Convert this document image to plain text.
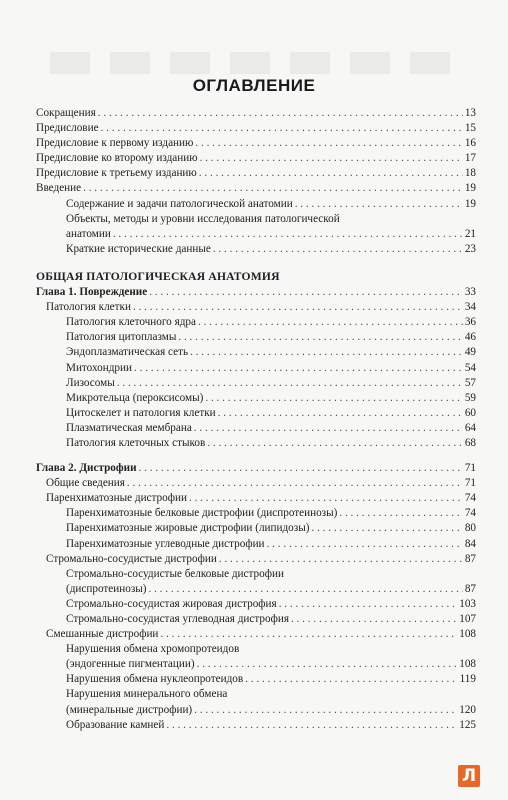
ОГЛАВЛЕНИЕ
Сокращения . . .	13
Предисловие . . .	15
Предисловие к первому изданию . . .	16
Предисловие ко второму изданию . . .	17
Предисловие к третьему изданию . . .	18
Введение . . .	19
Содержание и задачи патологической анатомии . . .	19
Объекты, методы и уровни исследования патологической
анатомии . . .	21
Краткие исторические данные . . .	23
ОБЩАЯ ПАТОЛОГИЧЕСКАЯ АНАТОМИЯ
Глава 1. Повреждение . . .	33
Патология клетки . . .	34
Патология клеточного ядра . . .	36
Патология цитоплазмы . . .	46
Эндоплазматическая сеть . . .	49
Митохондрии . . .	54
Лизосомы . . .	57
Микротельца (пероксисомы) . . .	59
Цитоскелет и патология клетки . . .	60
Плазматическая мембрана . . .	64
Патология клеточных стыков . . .	68
Глава 2. Дистрофии . . .	71
Общие сведения . . .	71
Паренхиматозные дистрофии . . .	74
Паренхиматозные белковые дистрофии (диспротеинозы) . . .	74
Паренхиматозные жировые дистрофии (липидозы) . . .	80
Паренхиматозные углеводные дистрофии . . .	84
Стромально-сосудистые дистрофии . . .	87
Стромально-сосудистые белковые дистрофии
(диспротеинозы) . . .	87
Стромально-сосудистая жировая дистрофия . . .	103
Стромально-сосудистая углеводная дистрофия . . .	107
Смешанные дистрофии . . .	108
Нарушения обмена хромопротеидов
(эндогенные пигментации) . . .	108
Нарушения обмена нуклеопротеидов . . .	119
Нарушения минерального обмена
(минеральные дистрофии) . . .	120
Образование камней . . .	125
Л
